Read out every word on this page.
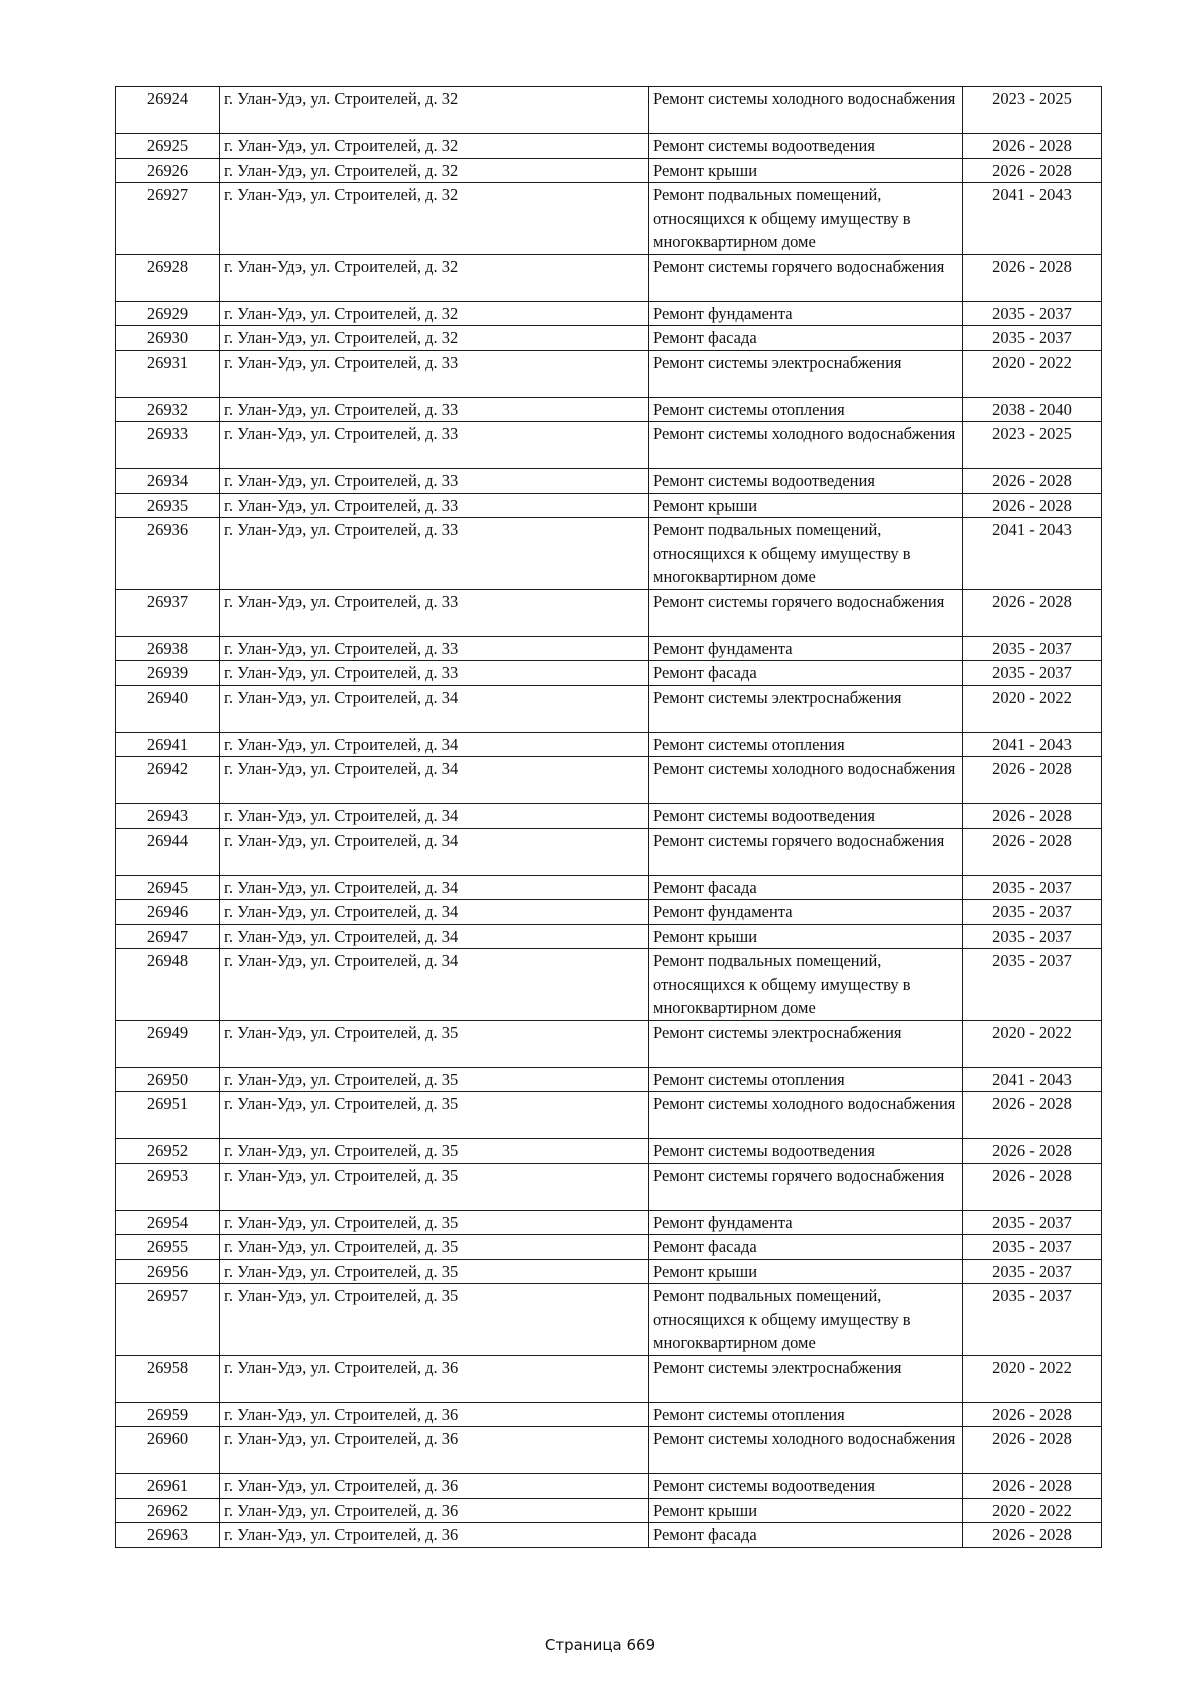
26924	г. Улан-Удэ, ул. Строителей, д. 32	Ремонт системы холодного водоснабжения	2023 - 2025
26925	г. Улан-Удэ, ул. Строителей, д. 32	Ремонт системы водоотведения	2026 - 2028
26926	г. Улан-Удэ, ул. Строителей, д. 32	Ремонт крыши	2026 - 2028
26927	г. Улан-Удэ, ул. Строителей, д. 32	Ремонт подвальных помещений, относящихся к общему имуществу в многоквартирном доме	2041 - 2043
26928	г. Улан-Удэ, ул. Строителей, д. 32	Ремонт системы горячего водоснабжения	2026 - 2028
26929	г. Улан-Удэ, ул. Строителей, д. 32	Ремонт фундамента	2035 - 2037
26930	г. Улан-Удэ, ул. Строителей, д. 32	Ремонт фасада	2035 - 2037
26931	г. Улан-Удэ, ул. Строителей, д. 33	Ремонт системы электроснабжения	2020 - 2022
26932	г. Улан-Удэ, ул. Строителей, д. 33	Ремонт системы отопления	2038 - 2040
26933	г. Улан-Удэ, ул. Строителей, д. 33	Ремонт системы холодного водоснабжения	2023 - 2025
26934	г. Улан-Удэ, ул. Строителей, д. 33	Ремонт системы водоотведения	2026 - 2028
26935	г. Улан-Удэ, ул. Строителей, д. 33	Ремонт крыши	2026 - 2028
26936	г. Улан-Удэ, ул. Строителей, д. 33	Ремонт подвальных помещений, относящихся к общему имуществу в многоквартирном доме	2041 - 2043
26937	г. Улан-Удэ, ул. Строителей, д. 33	Ремонт системы горячего водоснабжения	2026 - 2028
26938	г. Улан-Удэ, ул. Строителей, д. 33	Ремонт фундамента	2035 - 2037
26939	г. Улан-Удэ, ул. Строителей, д. 33	Ремонт фасада	2035 - 2037
26940	г. Улан-Удэ, ул. Строителей, д. 34	Ремонт системы электроснабжения	2020 - 2022
26941	г. Улан-Удэ, ул. Строителей, д. 34	Ремонт системы отопления	2041 - 2043
26942	г. Улан-Удэ, ул. Строителей, д. 34	Ремонт системы холодного водоснабжения	2026 - 2028
26943	г. Улан-Удэ, ул. Строителей, д. 34	Ремонт системы водоотведения	2026 - 2028
26944	г. Улан-Удэ, ул. Строителей, д. 34	Ремонт системы горячего водоснабжения	2026 - 2028
26945	г. Улан-Удэ, ул. Строителей, д. 34	Ремонт фасада	2035 - 2037
26946	г. Улан-Удэ, ул. Строителей, д. 34	Ремонт фундамента	2035 - 2037
26947	г. Улан-Удэ, ул. Строителей, д. 34	Ремонт крыши	2035 - 2037
26948	г. Улан-Удэ, ул. Строителей, д. 34	Ремонт подвальных помещений, относящихся к общему имуществу в многоквартирном доме	2035 - 2037
26949	г. Улан-Удэ, ул. Строителей, д. 35	Ремонт системы электроснабжения	2020 - 2022
26950	г. Улан-Удэ, ул. Строителей, д. 35	Ремонт системы отопления	2041 - 2043
26951	г. Улан-Удэ, ул. Строителей, д. 35	Ремонт системы холодного водоснабжения	2026 - 2028
26952	г. Улан-Удэ, ул. Строителей, д. 35	Ремонт системы водоотведения	2026 - 2028
26953	г. Улан-Удэ, ул. Строителей, д. 35	Ремонт системы горячего водоснабжения	2026 - 2028
26954	г. Улан-Удэ, ул. Строителей, д. 35	Ремонт фундамента	2035 - 2037
26955	г. Улан-Удэ, ул. Строителей, д. 35	Ремонт фасада	2035 - 2037
26956	г. Улан-Удэ, ул. Строителей, д. 35	Ремонт крыши	2035 - 2037
26957	г. Улан-Удэ, ул. Строителей, д. 35	Ремонт подвальных помещений, относящихся к общему имуществу в многоквартирном доме	2035 - 2037
26958	г. Улан-Удэ, ул. Строителей, д. 36	Ремонт системы электроснабжения	2020 - 2022
26959	г. Улан-Удэ, ул. Строителей, д. 36	Ремонт системы отопления	2026 - 2028
26960	г. Улан-Удэ, ул. Строителей, д. 36	Ремонт системы холодного водоснабжения	2026 - 2028
26961	г. Улан-Удэ, ул. Строителей, д. 36	Ремонт системы водоотведения	2026 - 2028
26962	г. Улан-Удэ, ул. Строителей, д. 36	Ремонт крыши	2020 - 2022
26963	г. Улан-Удэ, ул. Строителей, д. 36	Ремонт фасада	2026 - 2028
Страница 669
